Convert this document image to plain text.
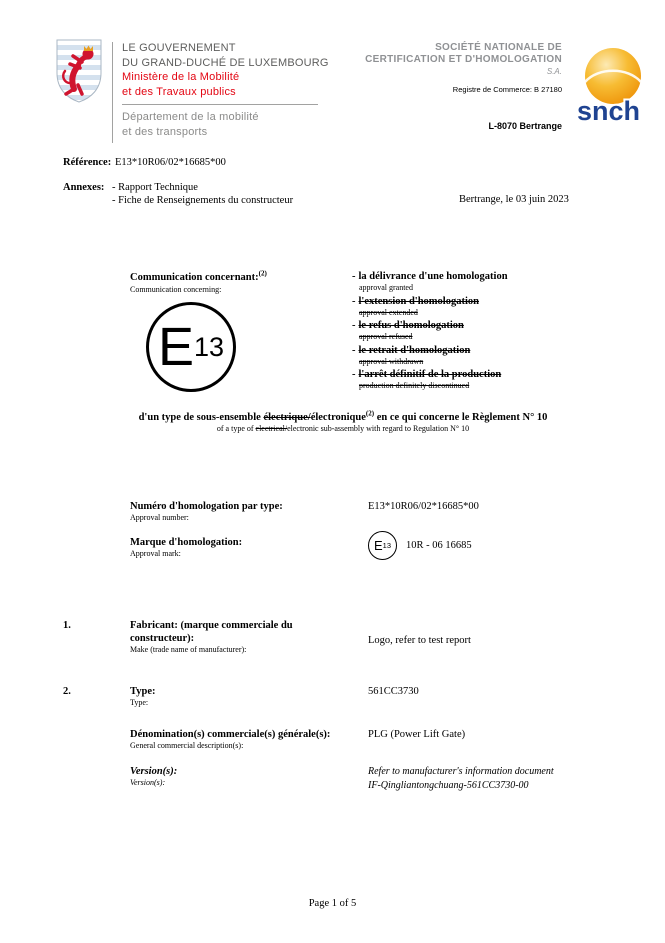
LE GOUVERNEMENT
DU GRAND-DUCHÉ DE LUXEMBOURG
Ministère de la Mobilité
et des Travaux publics
Département de la mobilité
et des transports
SOCIÉTÉ NATIONALE DE
CERTIFICATION ET D'HOMOLOGATION
S.A.
Registre de Commerce: B 27180
L-8070 Bertrange snch
Référence: E13*10R06/02*16685*00
Annexes: - Rapport Technique
- Fiche de Renseignements du constructeur	Bertrange, le 03 juin 2023
Communication concernant:$^{(2)}$
Communication concerning:
- la délivrance d'une homologation
approval granted
- l'extension d'homologation
approval extended
- le refus d'homologation
approval refused
- le retrait d'homologation
approval withdrawn
- l'arrêt définitif de la production
production definitely discontinued
E 13
d'un type de sous-ensemble électrique/électronique$^{(2)}$ en ce qui concerne le Règlement N° 10
of a type of electrical/electronic sub-assembly with regard to Regulation N° 10
Numéro d'homologation par type:
Approval number:
E13*10R06/02*16685*00
Marque d'homologation:
Approval mark:
E 13 10R - 06 16685
1.	Fabricant: (marque commerciale du constructeur):
Make (trade name of manufacturer):
Logo, refer to test report
2.	Type:
Type:
561CC3730
Dénomination(s) commerciale(s) générale(s):
General commercial description(s):
PLG (Power Lift Gate)
Version(s):
Version(s):
Refer to manufacturer's information document
IF-Qingliantongchuang-561CC3730-00
Page 1 of 5
